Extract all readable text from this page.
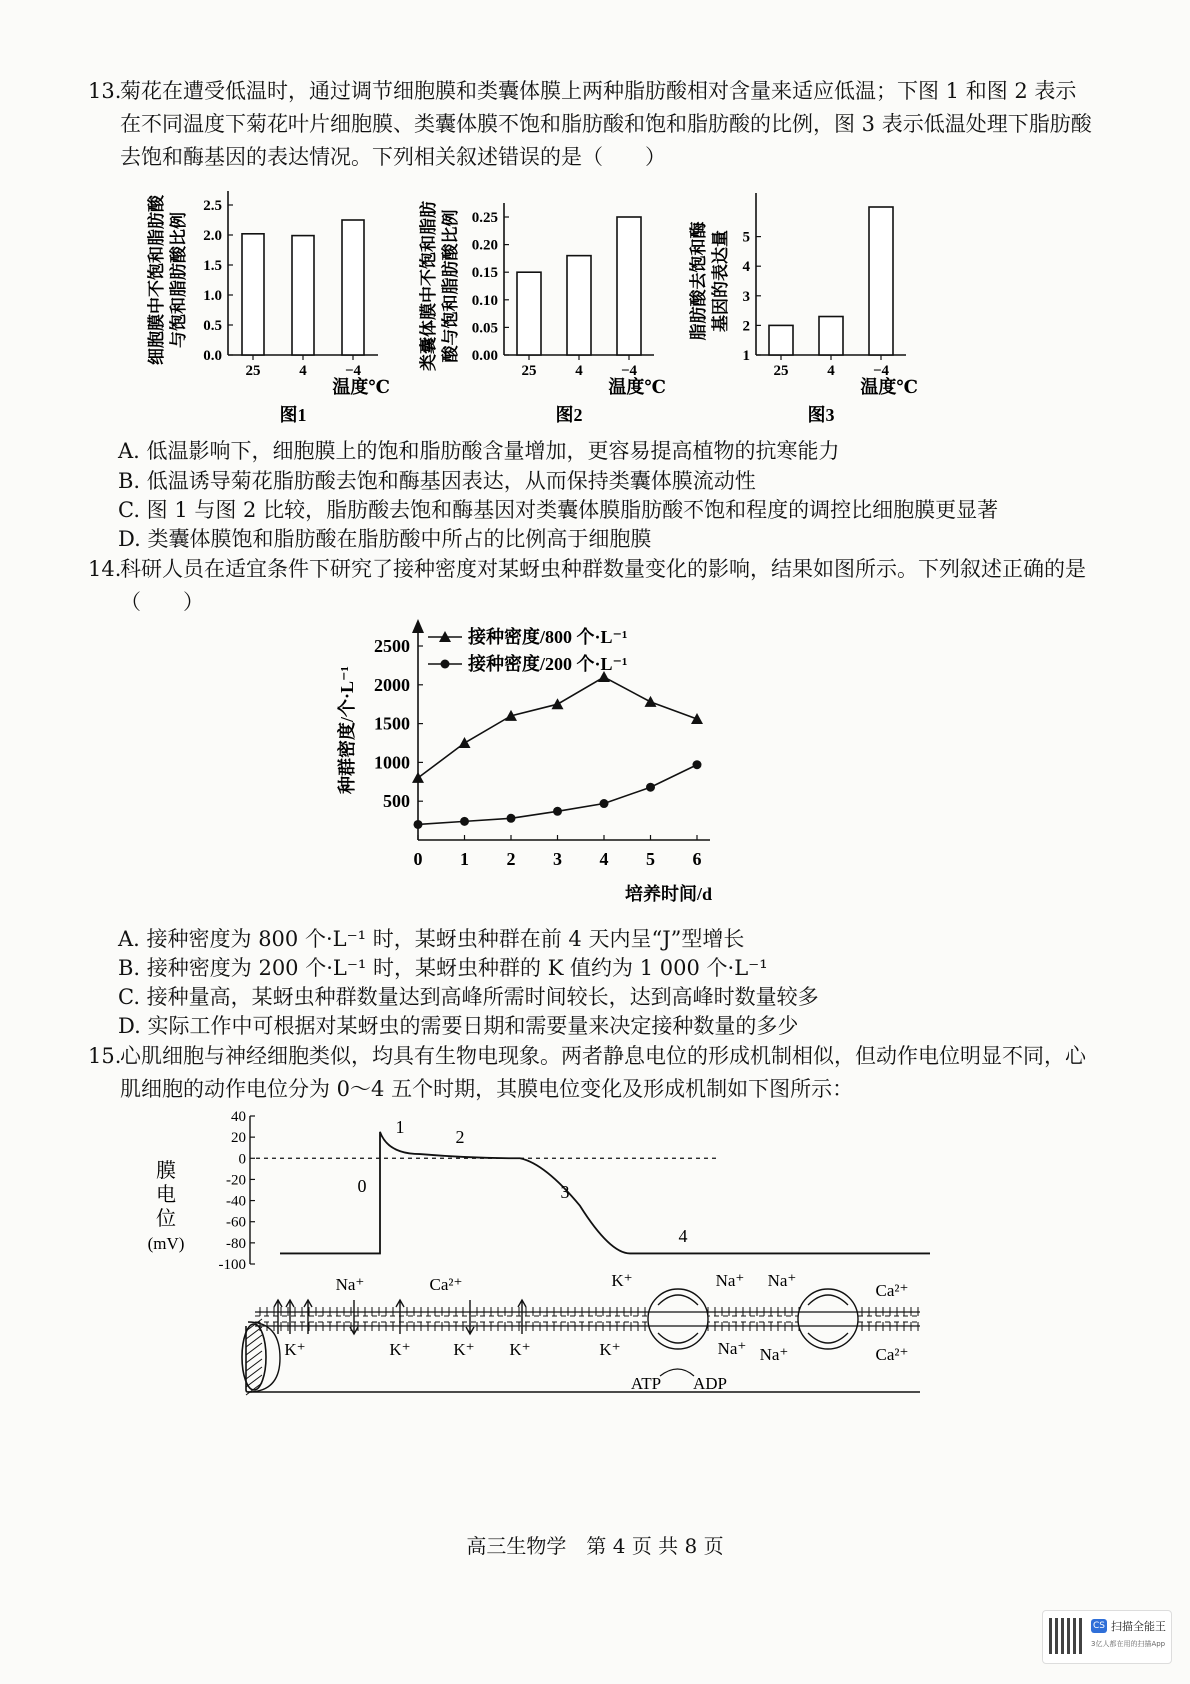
13.
菊花在遭受低温时，通过调节细胞膜和类囊体膜上两种脂肪酸相对含量来适应低温；下图 1 和图 2 表示在不同温度下菊花叶片细胞膜、类囊体膜不饱和脂肪酸和饱和脂肪酸的比例，图 3 表示低温处理下脂肪酸去饱和酶基因的表达情况。下列相关叙述错误的是（　　）
0.0
0.5
1.0
1.5
2.0
2.5
25	4	−4
温度℃
图1
细胞膜中不饱和脂肪酸 与饱和脂肪酸比例
0.00
0.05
0.10
0.15
0.20
0.25
25	4	−4
温度℃
图2
类囊体膜中不饱和脂肪 酸与饱和脂肪酸比例	1
2
3
4
5
25	4	−4
温度℃
图3
脂肪酸去饱和酶 基因的表达量
A. 低温影响下，细胞膜上的饱和脂肪酸含量增加，更容易提高植物的抗寒能力
B. 低温诱导菊花脂肪酸去饱和酶基因表达，从而保持类囊体膜流动性
C. 图 1 与图 2 比较，脂肪酸去饱和酶基因对类囊体膜脂肪酸不饱和程度的调控比细胞膜更显著
D. 类囊体膜饱和脂肪酸在脂肪酸中所占的比例高于细胞膜
14.
科研人员在适宜条件下研究了接种密度对某蚜虫种群数量变化的影响，结果如图所示。下列叙述正确的是（　　）
500
1000
1500
2000
2500
0 1 2 3 4 5 6
培养时间/d
种群密度/个·L⁻¹
接种密度/800 个·L⁻¹
接种密度/200 个·L⁻¹
A. 接种密度为 800 个·L⁻¹ 时，某蚜虫种群在前 4 天内呈“J”型增长
B. 接种密度为 200 个·L⁻¹ 时，某蚜虫种群的 K 值约为 1 000 个·L⁻¹
C. 接种量高，某蚜虫种群数量达到高峰所需时间较长，达到高峰时数量较多
D. 实际工作中可根据对某蚜虫的需要日期和需要量来决定接种数量的多少
15.
心肌细胞与神经细胞类似，均具有生物电现象。两者静息电位的形成机制相似，但动作电位明显不同，心肌细胞的动作电位分为 0～4 五个时期，其膜电位变化及形成机制如下图所示：
40
20
0
-20
-40
-60
-80
-100
膜
电
位
(mV)
0
1	2
3
4
Na⁺	Ca²⁺	K⁺	Na⁺ Na⁺
Ca²⁺
K⁺	K⁺	K⁺ K⁺	K⁺	Na⁺ Na⁺	Ca²⁺
ATP ADP
高三生物学　第 4 页 共 8 页
CS 扫描全能王
3亿人都在用的扫描App
